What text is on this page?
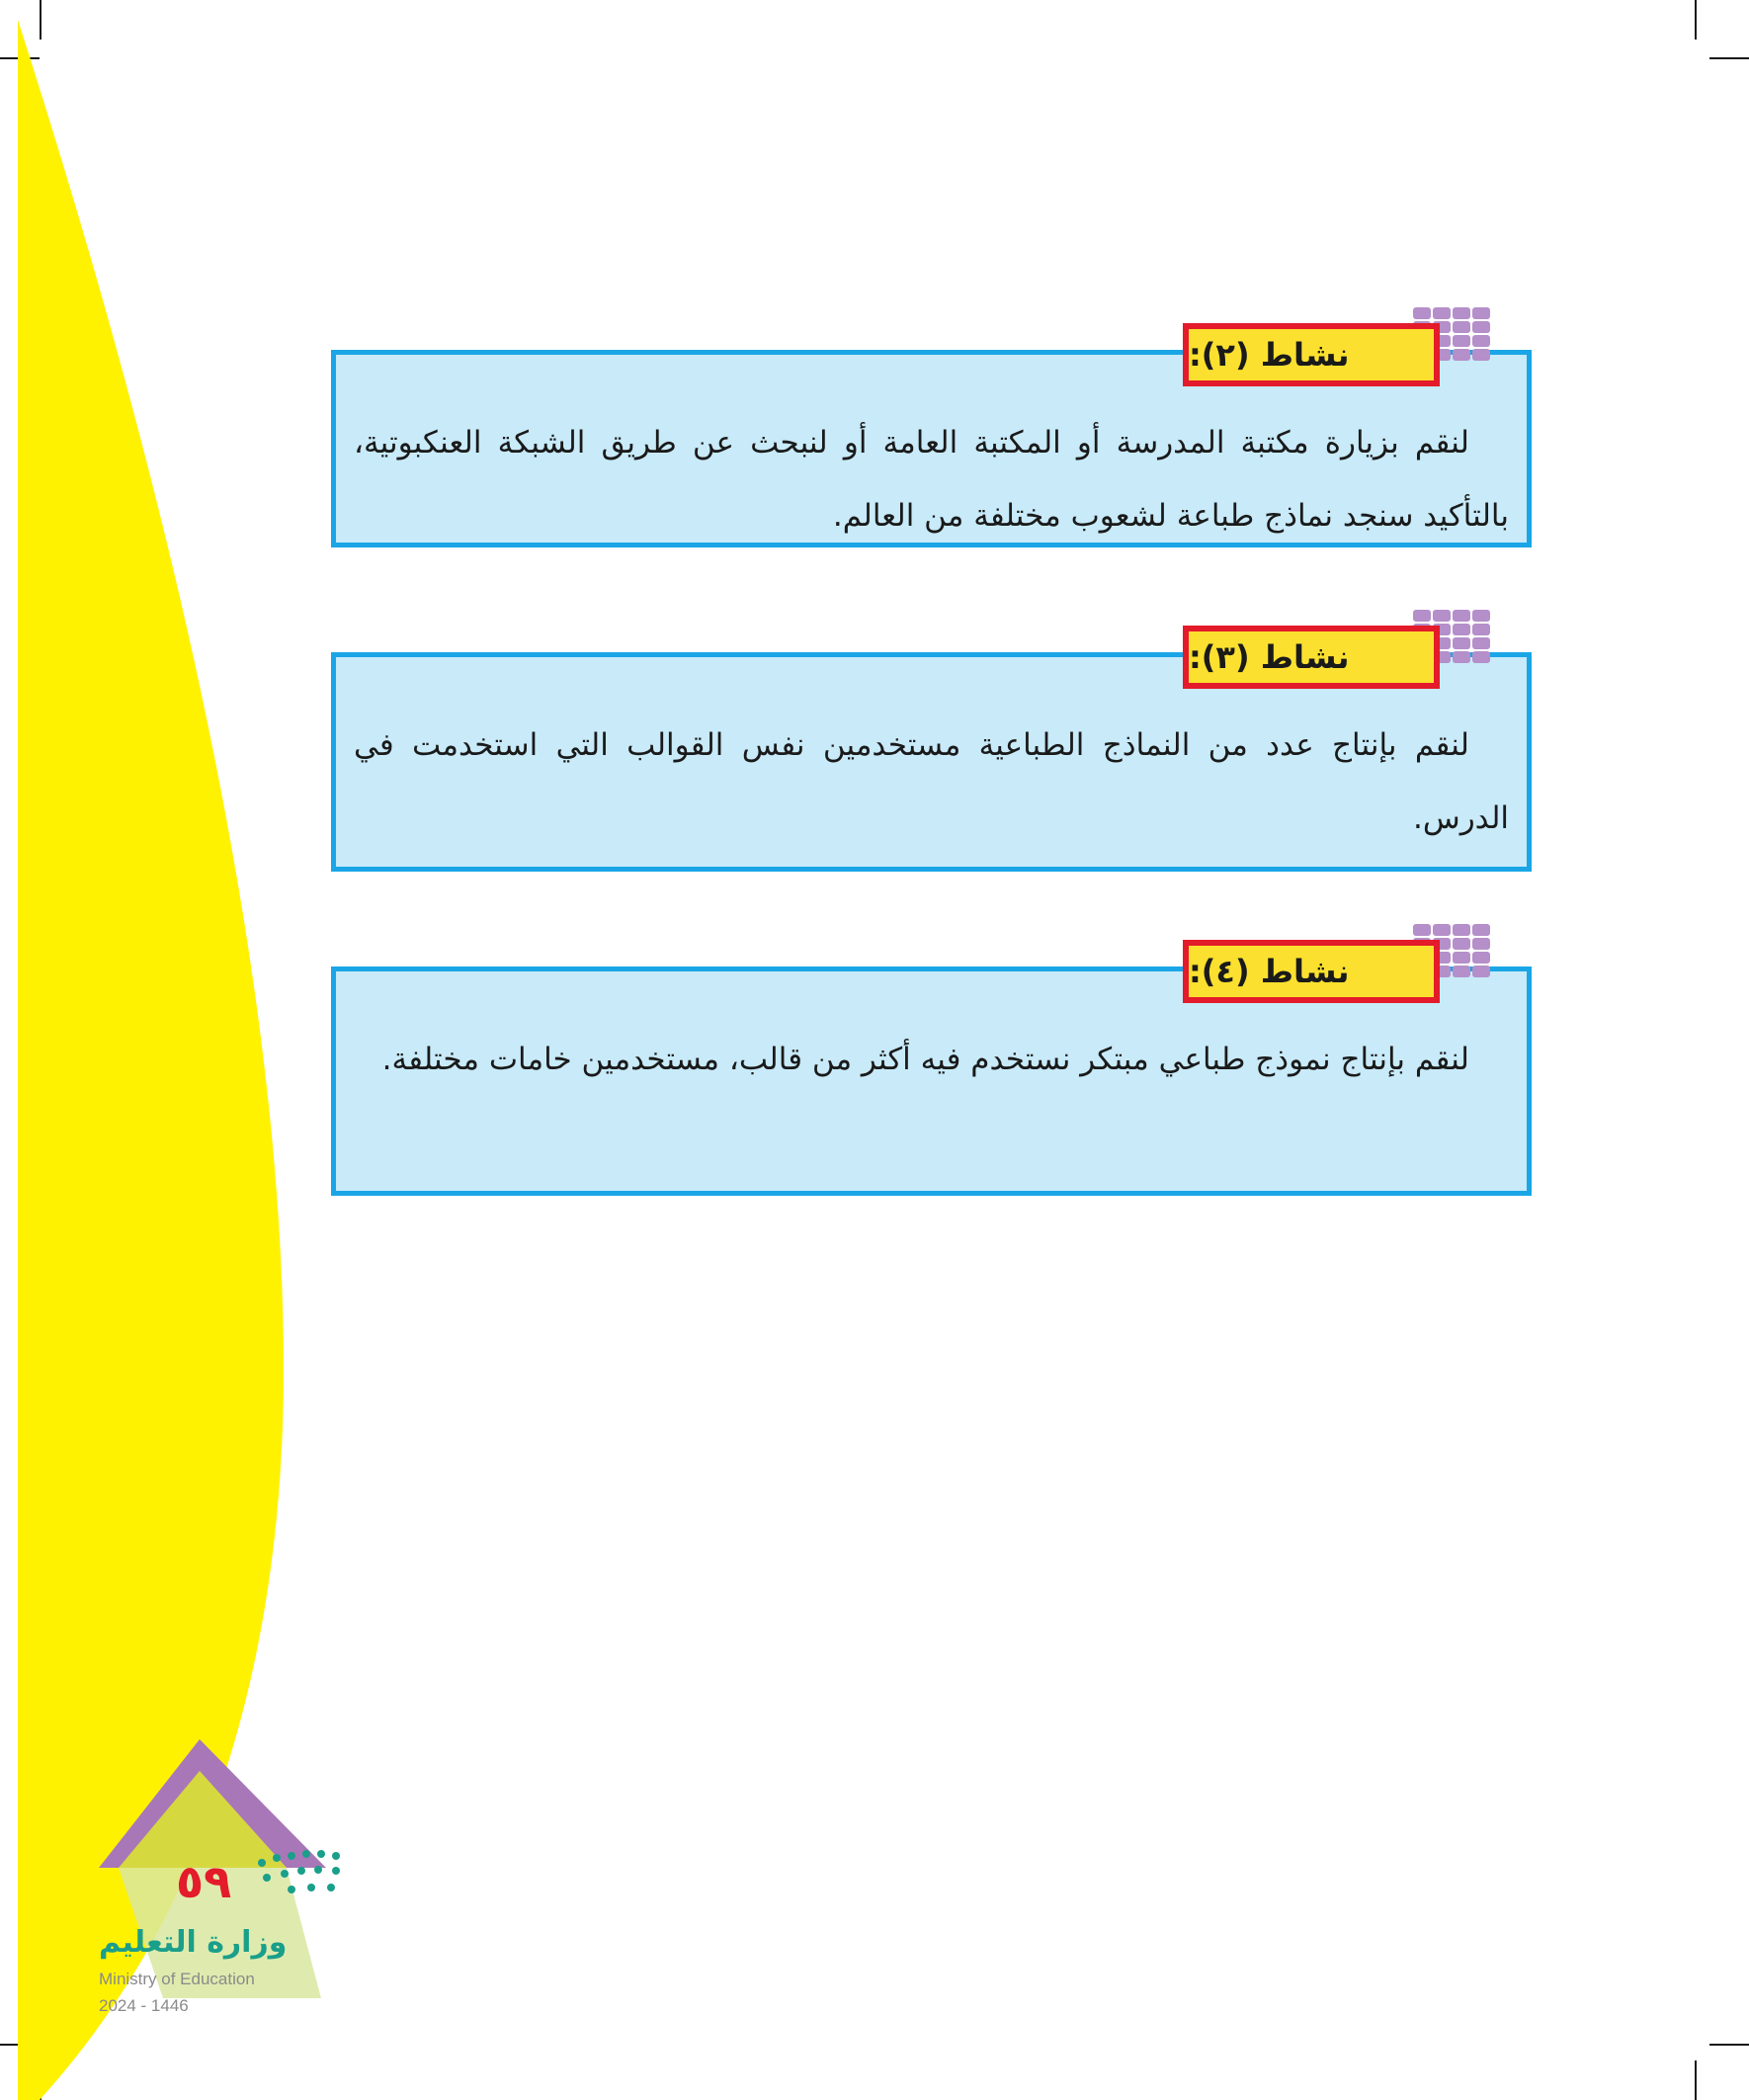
نشاط (٢):

لنقم بزيارة مكتبة المدرسة أو المكتبة العامة أو لنبحث عن طريق الشبكة العنكبوتية، بالتأكيد سنجد نماذج طباعة لشعوب مختلفة من العالم.

نشاط (٣):

لنقم بإنتاج عدد من النماذج الطباعية مستخدمين نفس القوالب التي استخدمت في الدرس.

نشاط (٤):

لنقم بإنتاج نموذج طباعي مبتكر نستخدم فيه أكثر من قالب، مستخدمين خامات مختلفة.

٥٩
وزارة التعليم
Ministry of Education
2024 - 1446
